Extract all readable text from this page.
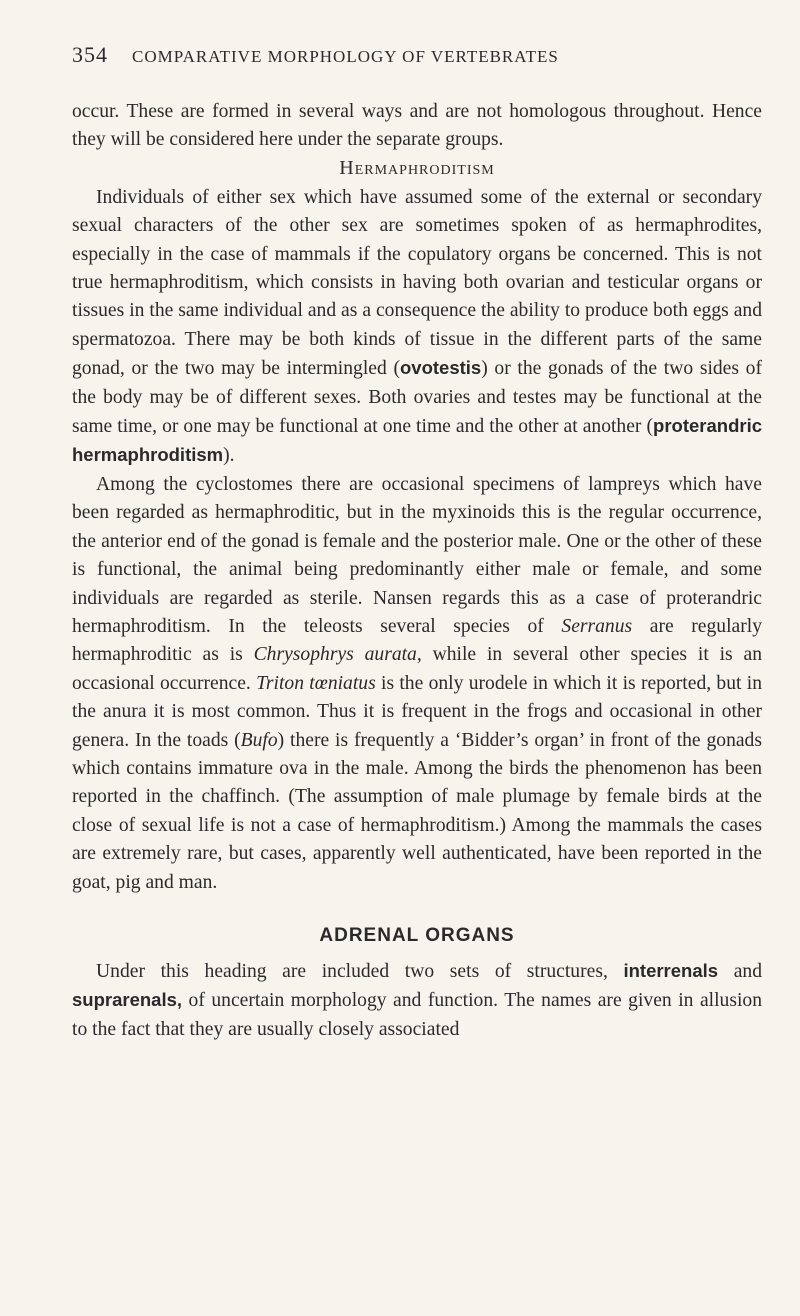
354 COMPARATIVE MORPHOLOGY OF VERTEBRATES

occur. These are formed in several ways and are not homologous throughout. Hence they will be considered here under the separate groups.

Hermaphroditism

Individuals of either sex which have assumed some of the external or secondary sexual characters of the other sex are sometimes spoken of as hermaphrodites, especially in the case of mammals if the copulatory organs be concerned. This is not true hermaphroditism, which consists in having both ovarian and testicular organs or tissues in the same individual and as a consequence the ability to produce both eggs and spermatozoa. There may be both kinds of tissue in the different parts of the same gonad, or the two may be intermingled (ovotestis) or the gonads of the two sides of the body may be of different sexes. Both ovaries and testes may be functional at the same time, or one may be functional at one time and the other at another (proterandric hermaphroditism).

Among the cyclostomes there are occasional specimens of lampreys which have been regarded as hermaphroditic, but in the myxinoids this is the regular occurrence, the anterior end of the gonad is female and the posterior male. One or the other of these is functional, the animal being predominantly either male or female, and some individuals are regarded as sterile. Nansen regards this as a case of proterandric hermaphroditism. In the teleosts several species of Serranus are regularly hermaphroditic as is Chrysophrys aurata, while in several other species it is an occasional occurrence. Triton tœniatus is the only urodele in which it is reported, but in the anura it is most common. Thus it is frequent in the frogs and occasional in other genera. In the toads (Bufo) there is frequently a ‘Bidder’s organ’ in front of the gonads which contains immature ova in the male. Among the birds the phenomenon has been reported in the chaffinch. (The assumption of male plumage by female birds at the close of sexual life is not a case of hermaphroditism.) Among the mammals the cases are extremely rare, but cases, apparently well authenticated, have been reported in the goat, pig and man.

ADRENAL ORGANS

Under this heading are included two sets of structures, interrenals and suprarenals, of uncertain morphology and function. The names are given in allusion to the fact that they are usually closely associated
